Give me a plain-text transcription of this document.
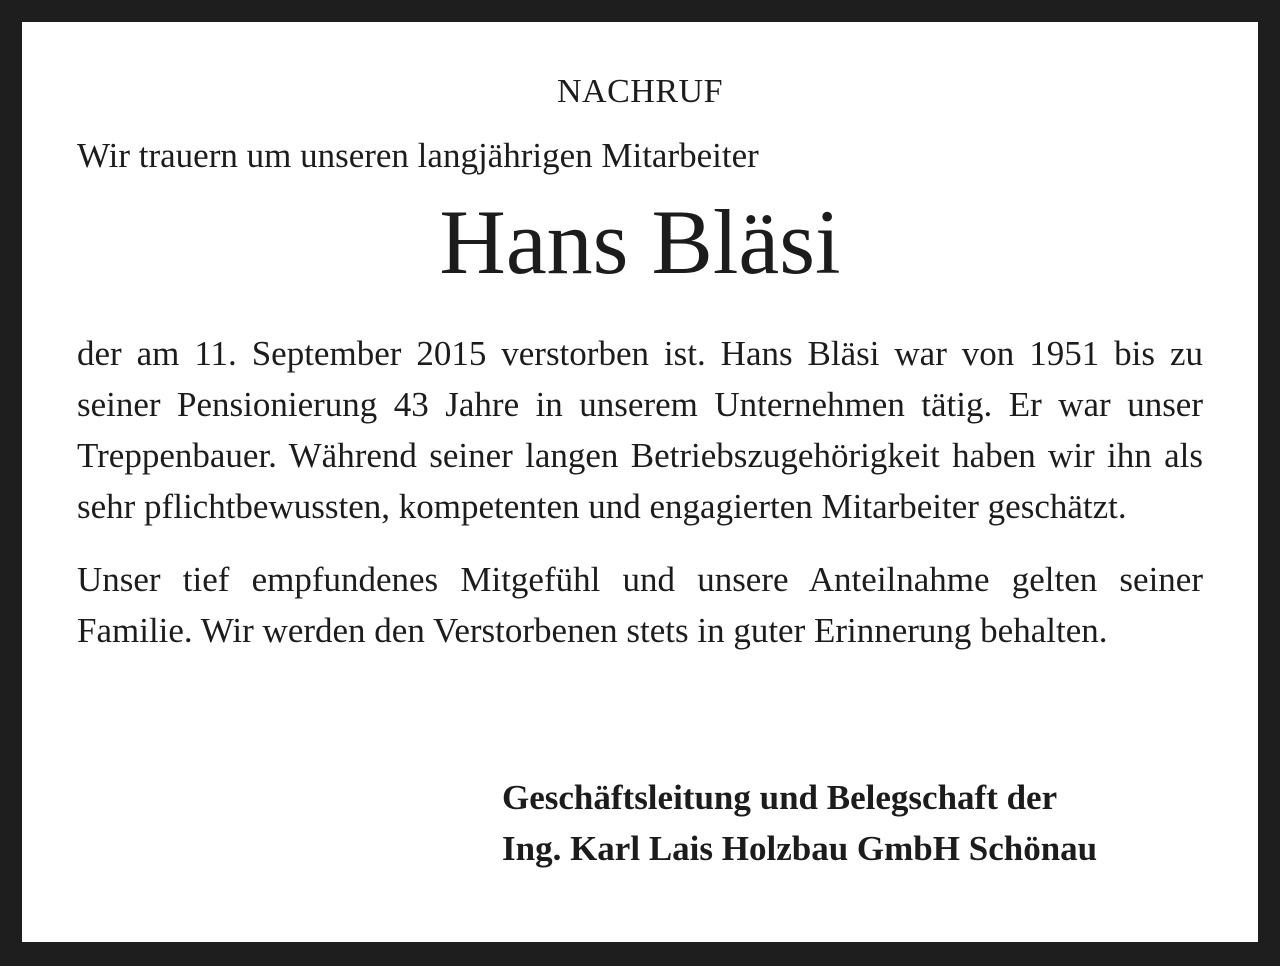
NACHRUF

Wir trauern um unseren langjährigen Mitarbeiter

Hans Bläsi

der am 11. September 2015 verstorben ist. Hans Bläsi war von 1951 bis zu seiner Pensionierung 43 Jahre in unserem Unternehmen tätig. Er war unser Treppenbauer. Während seiner langen Betriebszugehörigkeit haben wir ihn als sehr pflichtbewussten, kompetenten und engagierten Mitarbeiter geschätzt.

Unser tief empfundenes Mitgefühl und unsere Anteilnahme gelten seiner Familie. Wir werden den Verstorbenen stets in guter Erinnerung behalten.

Geschäftsleitung und Belegschaft der
Ing. Karl Lais Holzbau GmbH Schönau
